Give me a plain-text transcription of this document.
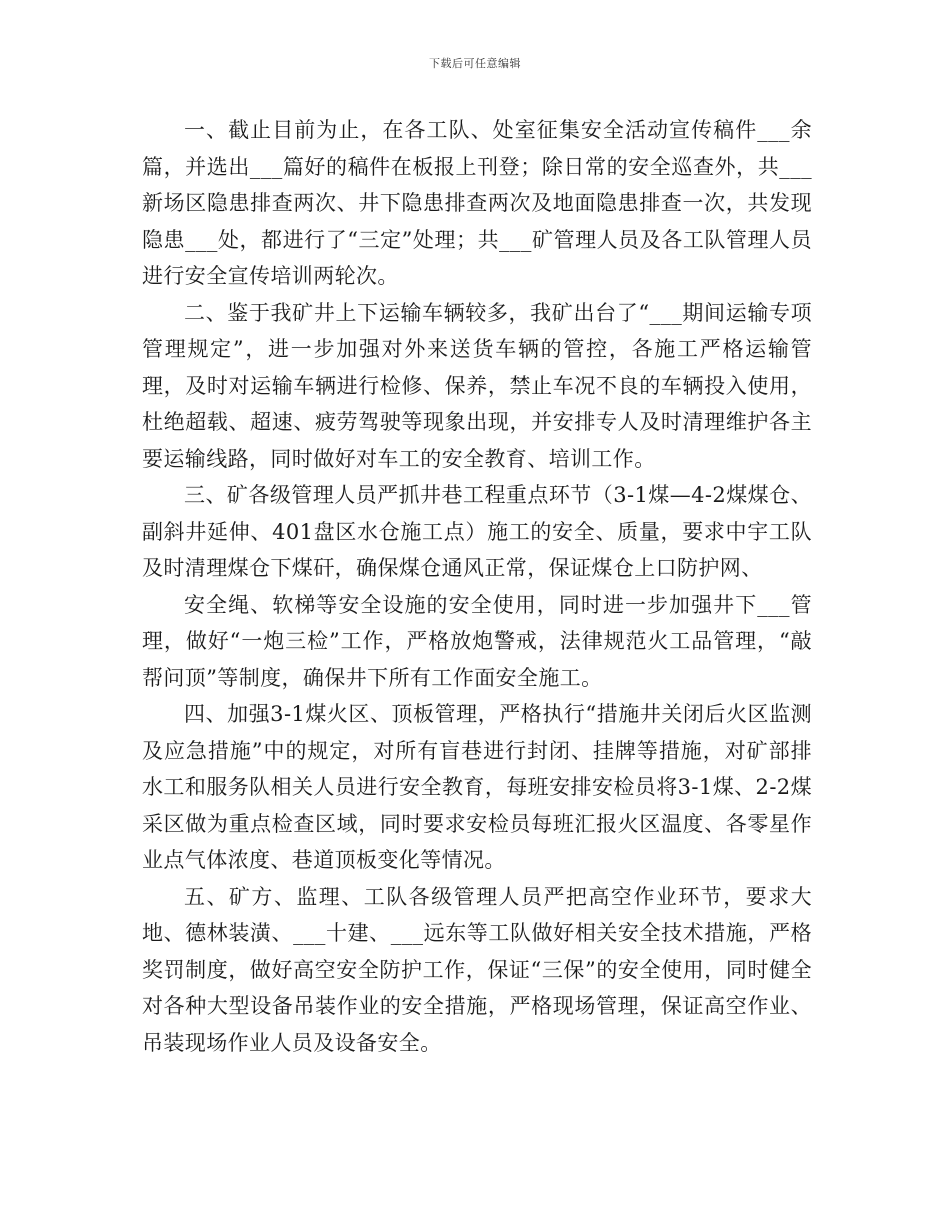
下载后可任意编辑

一、截止目前为止，在各工队、处室征集安全活动宣传稿件___余篇，并选出___篇好的稿件在板报上刊登；除日常的安全巡查外，共___新场区隐患排查两次、井下隐患排查两次及地面隐患排查一次，共发现隐患___处，都进行了“三定”处理；共___矿管理人员及各工队管理人员进行安全宣传培训两轮次。

二、鉴于我矿井上下运输车辆较多，我矿出台了“___期间运输专项管理规定”，进一步加强对外来送货车辆的管控，各施工严格运输管理，及时对运输车辆进行检修、保养，禁止车况不良的车辆投入使用，杜绝超载、超速、疲劳驾驶等现象出现，并安排专人及时清理维护各主要运输线路，同时做好对车工的安全教育、培训工作。

三、矿各级管理人员严抓井巷工程重点环节（3-1煤—4-2煤煤仓、副斜井延伸、401盘区水仓施工点）施工的安全、质量，要求中宇工队及时清理煤仓下煤矸，确保煤仓通风正常，保证煤仓上口防护网、

安全绳、软梯等安全设施的安全使用，同时进一步加强井下___管理，做好“一炮三检”工作，严格放炮警戒，法律规范火工品管理，“敲帮问顶”等制度，确保井下所有工作面安全施工。

四、加强3-1煤火区、顶板管理，严格执行“措施井关闭后火区监测及应急措施”中的规定，对所有盲巷进行封闭、挂牌等措施，对矿部排水工和服务队相关人员进行安全教育，每班安排安检员将3-1煤、2-2煤采区做为重点检查区域，同时要求安检员每班汇报火区温度、各零星作业点气体浓度、巷道顶板变化等情况。

五、矿方、监理、工队各级管理人员严把高空作业环节，要求大地、德林装潢、___十建、___远东等工队做好相关安全技术措施，严格奖罚制度，做好高空安全防护工作，保证“三保”的安全使用，同时健全对各种大型设备吊装作业的安全措施，严格现场管理，保证高空作业、吊装现场作业人员及设备安全。
